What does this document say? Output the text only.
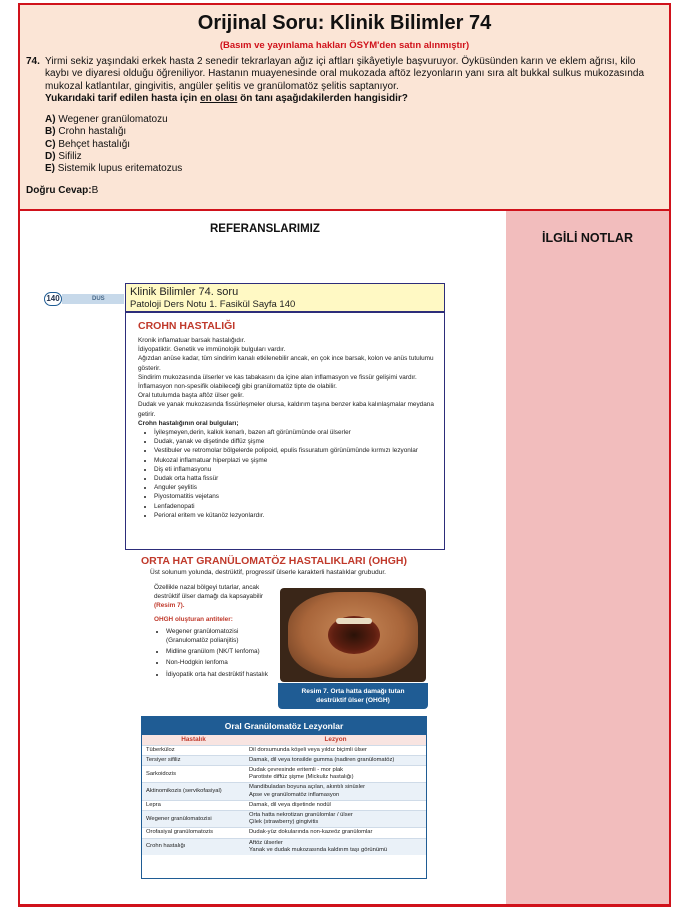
Orijinal Soru: Klinik Bilimler 74
(Basım ve yayınlama hakları ÖSYM'den satın alınmıştır)
74. Yirmi sekiz yaşındaki erkek hasta 2 senedir tekrarlayan ağız içi aftları şikâyetiyle başvuruyor. Öyküsünden karın ve eklem ağrısı, kilo kaybı ve diyaresi olduğu öğreniliyor. Hastanın muayenesinde oral mukozada aftöz lezyonların yanı sıra alt bukkal sulkus mukozasında mukozal katlantılar, gingivitis, angüler şelitis ve granülomatöz şelitis saptanıyor.
Yukarıdaki tarif edilen hasta için en olası ön tanı aşağıdakilerden hangisidir?
A) Wegener granülomatozu
B) Crohn hastalığı
C) Behçet hastalığı
D) Sifiliz
E) Sistemik lupus eritematozus
Doğru Cevap:B
REFERANSLARIMIZ
İLGİLİ NOTLAR
140	DUS
Klinik Bilimler 74. soru
Patoloji Ders Notu 1. Fasikül Sayfa 140
CROHN HASTALIĞI

Kronik inflamatuar barsak hastalığıdır.

İdiyopatiktir. Genetik ve immünolojik bulguları vardır.

Ağızdan anüse kadar, tüm sindirim kanalı etkilenebilir ancak, en çok ince barsak, kolon ve anüs tutulumu gösterir.

Sindirim mukozasında ülserler ve kas tabakasını da içine alan inflamasyon ve fissür gelişimi vardır. İnflamasyon non-spesifik olabileceği gibi granülomatöz tipte de olabilir.

Oral tutulumda başta aftöz ülser gelir.

Dudak ve yanak mukozasında fissürleşmeler olursa, kaldırım taşına benzer kaba kalınlaşmalar meydana getirir.

Crohn hastalığının oral bulguları;

• İyileşmeyen,derin, kalkık kenarlı, bazen aft görünümünde oral ülserler
• Dudak, yanak ve dişetinde diffüz şişme
• Vestibuler ve retromolar bölgelerde polipoid, epulis fissuratum görünümünde kırmızı lezyonlar
• Mukozal inflamatuar hiperplazi ve şişme
• Diş eti inflamasyonu
• Dudak orta hatta fissür
• Anguler şeylitis
• Piyostomatitis vejetans
• Lenfadenopati
• Perioral eritem ve kütanöz lezyonlardır.
ORTA HAT GRANÜLOMATÖZ HASTALIKLARI (OHGH)
Üst solunum yolunda, destrüktif, progressif ülserle karakterli hastalıklar grubudur.
Özellikle nazal bölgeyi tutarlar, ancak destrüktif ülser damağı da kapsayabilir (Resim 7).
OHGH oluşturan antiteler:
• Wegener granülomatozisi (Granulomatöz polianjitis)
• Midline granülom (NK/T lenfoma)
• Non-Hodgkin lenfoma
• İdiyopatik orta hat destrüktif hastalık
Resim 7. Orta hatta damağı tutan
destrüktif ülser (OHGH)
Oral Granülomatöz Lezyonlar
Hastalık	Lezyon
Tüberküloz	Dil dorsumunda köşeli veya yıldız biçimli ülser
Tersiyer sifiliz	Damak, dil veya tonsilde gumma (nadiren granülomatöz)
Sarkoidozis	Dudak çevresinde eritemli - mor plak
Parotiste diffüz şişme (Mickuliz hastalığı)
Aktinomikozis (servikofasiyal)	Mandibuladan boyuna açılan, akıntılı sinüsler
Apse ve granülomatöz inflamasyon
Lepra	Damak, dil veya dişetinde nodül
Wegener granülomatozisi	Orta hatta nekrotizan granülomlar / ülser
Çilek (strawberry) gingivitis
Orofasiyal granülomatozis	Dudak-yüz dokularında non-kazeöz granülomlar
Crohn hastalığı	Aftöz ülserler
Yanak ve dudak mukozasında kaldırım taşı görünümü
